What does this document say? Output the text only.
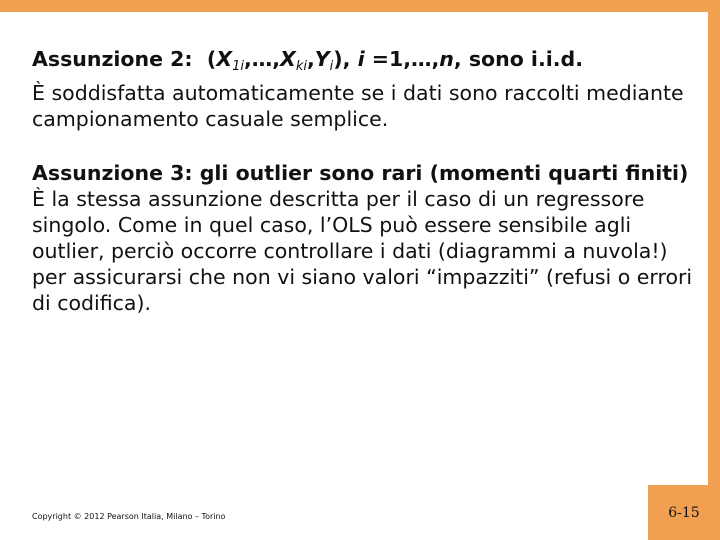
Assunzione 2: $(X_{1i},\dots,X_{ki},Y_i)$, i =1,…,n, sono i.i.d.
È soddisfatta automaticamente se i dati sono raccolti mediante campionamento casuale semplice.

Assunzione 3: gli outlier sono rari (momenti quarti finiti)
È la stessa assunzione descritta per il caso di un regressore singolo. Come in quel caso, l’OLS può essere sensibile agli outlier, perciò occorre controllare i dati (diagrammi a nuvola!) per assicurarsi che non vi siano valori “impazziti” (refusi o errori di codifica).

Copyright © 2012 Pearson Italia, Milano – Torino	6-15
